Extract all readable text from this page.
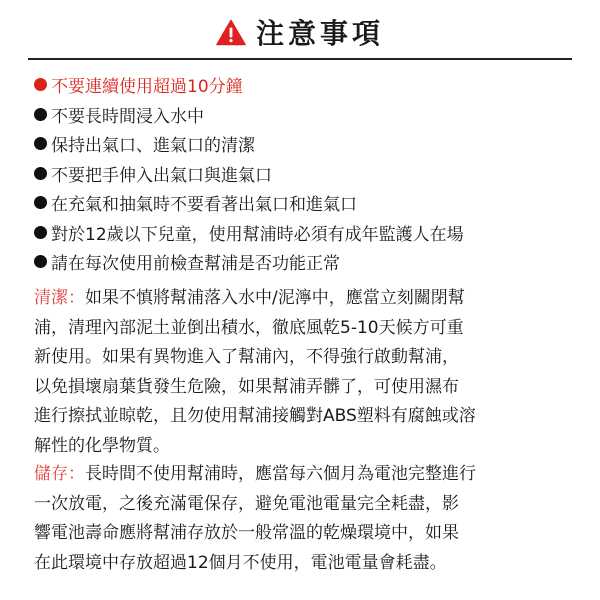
注意事項
不要連續使用超過10分鐘
不要長時間浸入水中
保持出氣口、進氣口的清潔
不要把手伸入出氣口與進氣口
在充氣和抽氣時不要看著出氣口和進氣口
對於12歲以下兒童，使用幫浦時必須有成年監護人在場
請在每次使用前檢查幫浦是否功能正常
清潔：如果不慎將幫浦落入水中/泥濘中，應當立刻關閉幫
浦，清理內部泥土並倒出積水，徹底風乾5-10天候方可重
新使用。如果有異物進入了幫浦內，不得強行啟動幫浦，
以免損壞扇葉貨發生危險，如果幫浦弄髒了，可使用濕布
進行擦拭並晾乾，且勿使用幫浦接觸對ABS塑料有腐蝕或溶
解性的化學物質。
儲存：長時間不使用幫浦時，應當每六個月為電池完整進行
一次放電，之後充滿電保存，避免電池電量完全耗盡，影
響電池壽命應將幫浦存放於一般常溫的乾燥環境中，如果
在此環境中存放超過12個月不使用，電池電量會耗盡。
